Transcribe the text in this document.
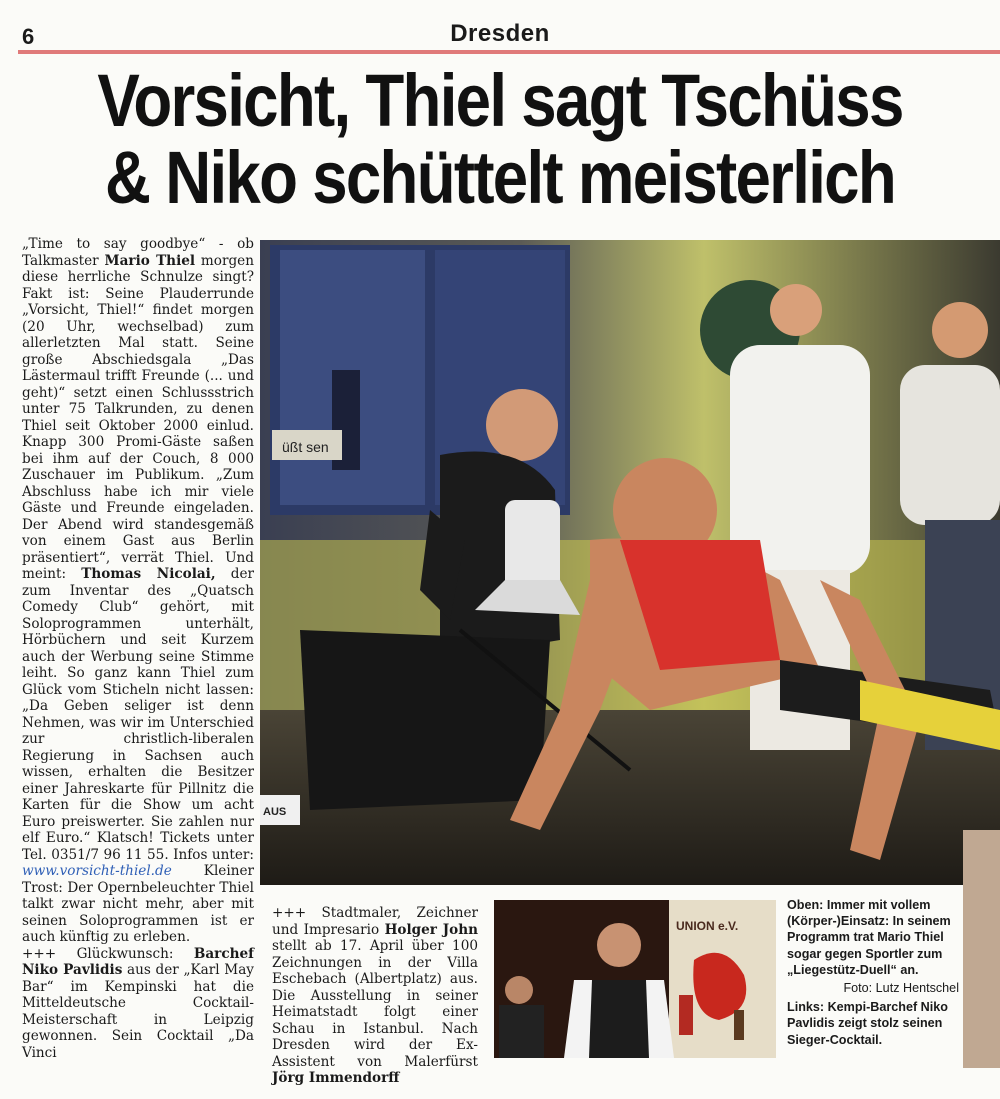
6	Dresden
Vorsicht, Thiel sagt Tschüss
& Niko schüttelt meisterlich

„Time to say goodbye“ - ob Talkmaster Mario Thiel morgen diese herrliche Schnulze singt? Fakt ist: Seine Plauderrunde „Vorsicht, Thiel!“ findet morgen (20 Uhr, wechselbad) zum allerletzten Mal statt. Seine große Abschiedsgala „Das Lästermaul trifft Freunde (... und geht)“ setzt einen Schlussstrich unter 75 Talkrunden, zu denen Thiel seit Oktober 2000 einlud. Knapp 300 Promi-Gäste saßen bei ihm auf der Couch, 8 000 Zuschauer im Publikum. „Zum Abschluss habe ich mir viele Gäste und Freunde eingeladen. Der Abend wird standesgemäß von einem Gast aus Berlin präsentiert“, verrät Thiel. Und meint: Thomas Nicolai, der zum Inventar des „Quatsch Comedy Club“ gehört, mit Soloprogrammen unterhält, Hörbüchern und seit Kurzem auch der Werbung seine Stimme leiht. So ganz kann Thiel zum Glück vom Sticheln nicht lassen: „Da Geben seliger ist denn Nehmen, was wir im Unterschied zur christlich-liberalen Regierung in Sachsen auch wissen, erhalten die Besitzer einer Jahreskarte für Pillnitz die Karten für die Show um acht Euro preiswerter. Sie zahlen nur elf Euro.“ Klatsch! Tickets unter Tel. 0351/7 96 11 55. Infos unter: www.vorsicht-thiel.de Kleiner Trost: Der Opernbeleuchter Thiel talkt zwar nicht mehr, aber mit seinen Soloprogrammen ist er auch künftig zu erleben.

+++ Glückwunsch: Barchef Niko Pavlidis aus der „Karl May Bar“ im Kempinski hat die Mitteldeutsche Cocktail-Meisterschaft in Leipzig gewonnen. Sein Cocktail „Da Vinci

üßt sen
AUS

+++ Stadtmaler, Zeichner und Impresario Holger John stellt ab 17. April über 100 Zeichnungen in der Villa Eschebach (Albertplatz) aus. Die Ausstellung in seiner Heimatstadt folgt einer Schau in Istanbul. Nach Dresden wird der Ex-Assistent von Malerfürst Jörg Immendorff

UNION e.V.
Oben: Immer mit vollem (Körper-)Einsatz: In seinem Programm trat Mario Thiel sogar gegen Sportler zum „Liegestütz-Duell“ an.
Foto: Lutz Hentschel
Links: Kempi-Barchef Niko Pavlidis zeigt stolz seinen Sieger-Cocktail.
